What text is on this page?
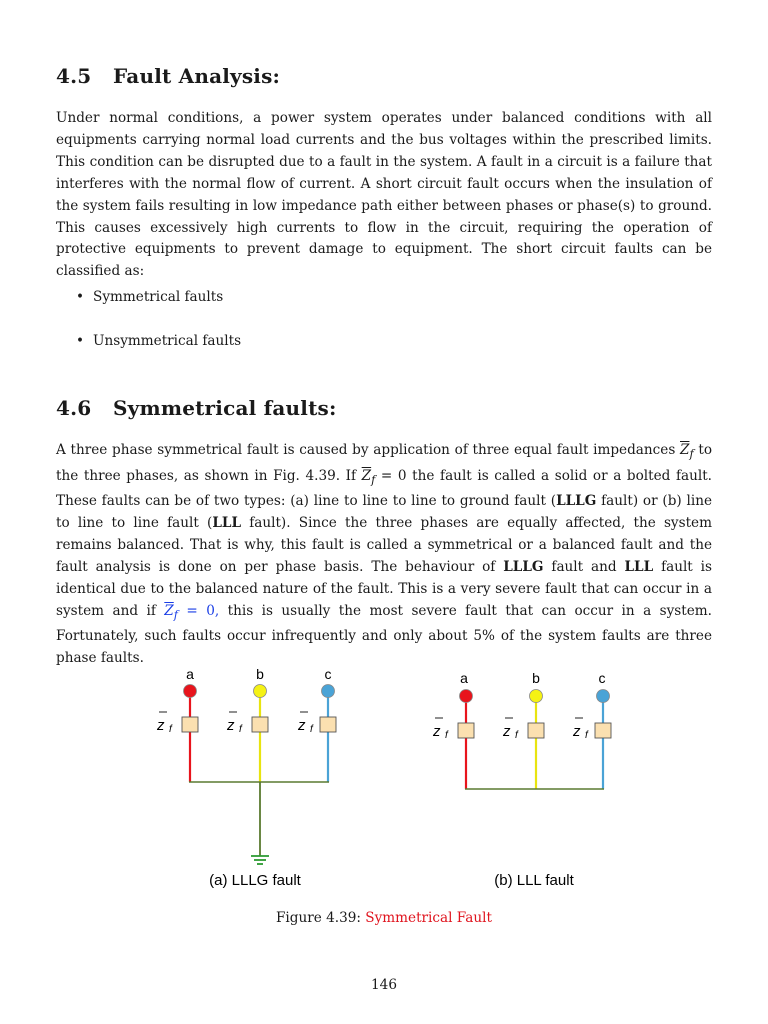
4.5 Fault Analysis:

Under normal conditions, a power system operates under balanced conditions with all equipments carrying normal load currents and the bus voltages within the prescribed limits. This condition can be disrupted due to a fault in the system. A fault in a circuit is a failure that interferes with the normal flow of current. A short circuit fault occurs when the insulation of the system fails resulting in low impedance path either between phases or phase(s) to ground. This causes excessively high currents to flow in the circuit, requiring the operation of protective equipments to prevent damage to equipment. The short circuit faults can be classified as:

• Symmetrical faults
• Unsymmetrical faults
4.6 Symmetrical faults:

A three phase symmetrical fault is caused by application of three equal fault impedances $\overline{Z}_f$ to the three phases, as shown in Fig. 4.39. If $\overline{Z}_f = 0$ the fault is called a solid or a bolted fault. These faults can be of two types: (a) line to line to line to ground fault (LLLG fault) or (b) line to line to line fault (LLL fault). Since the three phases are equally affected, the system remains balanced. That is why, this fault is called a symmetrical or a balanced fault and the fault analysis is done on per phase basis. The behaviour of LLLG fault and LLL fault is identical due to the balanced nature of the fault. This is a very severe fault that can occur in a system and if $\overline{Z}_f = 0$, this is usually the most severe fault that can occur in a system. Fortunately, such faults occur infrequently and only about 5% of the system faults are three phase faults.

a	b	c
z f	z f	z f
(a) LLLG fault
a	b	c
z f	z f	z f
(b) LLL fault
Figure 4.39: Symmetrical Fault
146
